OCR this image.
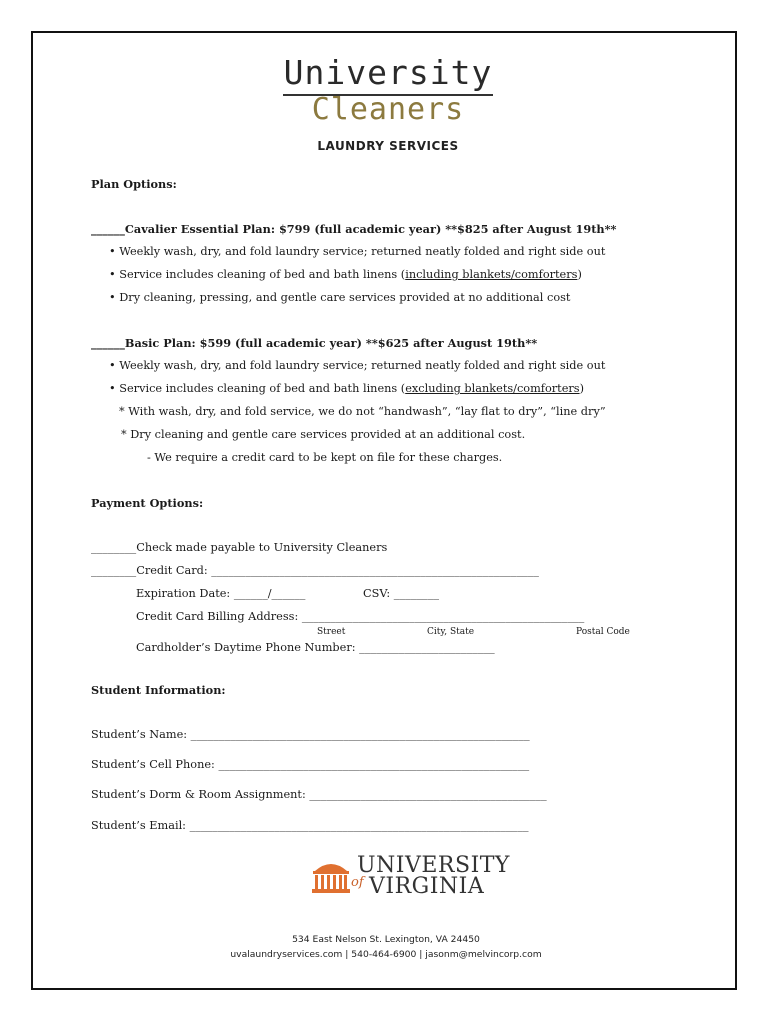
University
Cleaners
LAUNDRY SERVICES
Plan Options:
______Cavalier Essential Plan: $799 (full academic year) **$825 after August 19th**
• Weekly wash, dry, and fold laundry service; returned neatly folded and right side out
• Service includes cleaning of bed and bath linens (including blankets/comforters)
• Dry cleaning, pressing, and gentle care services provided at no additional cost
______Basic Plan: $599 (full academic year) **$625 after August 19th**
• Weekly wash, dry, and fold laundry service; returned neatly folded and right side out
• Service includes cleaning of bed and bath linens (excluding blankets/comforters)
* With wash, dry, and fold service, we do not “handwash”, “lay flat to dry”, “line dry”
* Dry cleaning and gentle care services provided at an additional cost.
- We require a credit card to be kept on file for these charges.
Payment Options:
________Check made payable to University Cleaners
________Credit Card: __________________________________________________________
Expiration Date: ______/______	CSV: ________
Credit Card Billing Address: __________________________________________________
Street	City, State	Postal Code
Cardholder’s Daytime Phone Number: ________________________
Student Information:
Student’s Name: ____________________________________________________________
Student’s Cell Phone: _______________________________________________________
Student’s Dorm & Room Assignment: __________________________________________
Student’s Email: ____________________________________________________________
UNIVERSITY
of VIRGINIA
534 East Nelson St. Lexington, VA 24450
uvalaundryservices.com | 540-464-6900 | jasonm@melvincorp.com
